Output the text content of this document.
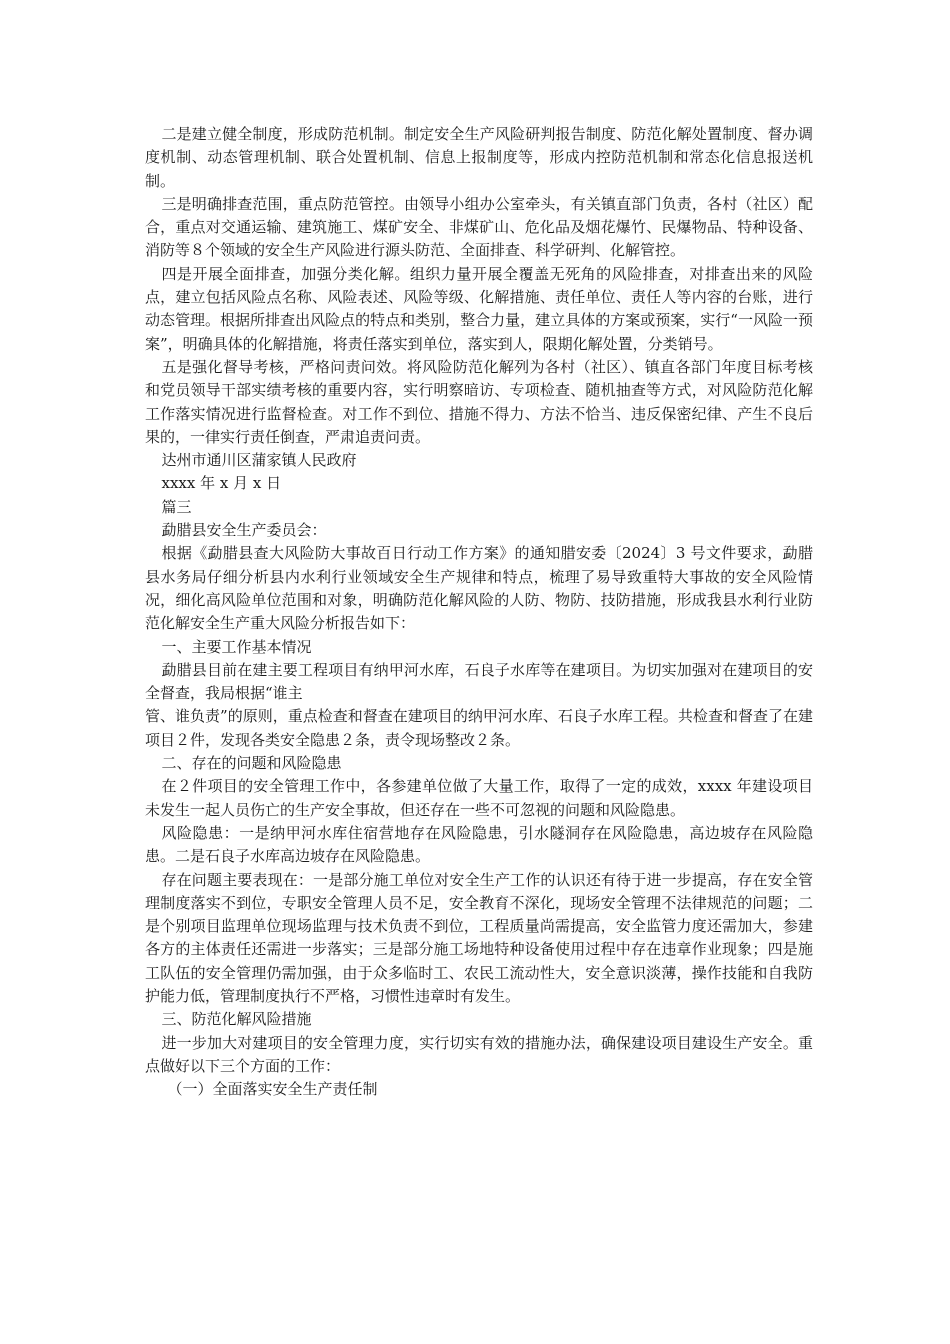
二是建立健全制度，形成防范机制。制定安全生产风险研判报告制度、防范化解处置制度、督办调度机制、动态管理机制、联合处置机制、信息上报制度等，形成内控防范机制和常态化信息报送机制。

三是明确排查范围，重点防范管控。由领导小组办公室牵头，有关镇直部门负责，各村（社区）配合，重点对交通运输、建筑施工、煤矿安全、非煤矿山、危化品及烟花爆竹、民爆物品、特种设备、消防等８个领域的安全生产风险进行源头防范、全面排查、科学研判、化解管控。

四是开展全面排查，加强分类化解。组织力量开展全覆盖无死角的风险排查，对排查出来的风险点，建立包括风险点名称、风险表述、风险等级、化解措施、责任单位、责任人等内容的台账，进行动态管理。根据所排查出风险点的特点和类别，整合力量，建立具体的方案或预案，实行“一风险一预案”，明确具体的化解措施，将责任落实到单位，落实到人，限期化解处置，分类销号。

五是强化督导考核，严格问责问效。将风险防范化解列为各村（社区）、镇直各部门年度目标考核和党员领导干部实绩考核的重要内容，实行明察暗访、专项检查、随机抽查等方式，对风险防范化解工作落实情况进行监督检查。对工作不到位、措施不得力、方法不恰当、违反保密纪律、产生不良后果的，一律实行责任倒查，严肃追责问责。

达州市通川区蒲家镇人民政府

xxxx 年 x 月 x 日

篇三

勐腊县安全生产委员会：

根据《勐腊县查大风险防大事故百日行动工作方案》的通知腊安委〔2024〕3 号文件要求，勐腊县水务局仔细分析县内水利行业领域安全生产规律和特点，梳理了易导致重特大事故的安全风险情况，细化高风险单位范围和对象，明确防范化解风险的人防、物防、技防措施，形成我县水利行业防范化解安全生产重大风险分析报告如下：

一、主要工作基本情况

勐腊县目前在建主要工程项目有纳甲河水库，石良子水库等在建项目。为切实加强对在建项目的安全督查，我局根据“谁主

管、谁负责”的原则，重点检查和督查在建项目的纳甲河水库、石良子水库工程。共检查和督查了在建项目２件，发现各类安全隐患２条，责令现场整改２条。

二、存在的问题和风险隐患

在２件项目的安全管理工作中，各参建单位做了大量工作，取得了一定的成效，xxxx 年建设项目未发生一起人员伤亡的生产安全事故，但还存在一些不可忽视的问题和风险隐患。

风险隐患：一是纳甲河水库住宿营地存在风险隐患，引水隧洞存在风险隐患，高边坡存在风险隐患。二是石良子水库高边坡存在风险隐患。

存在问题主要表现在：一是部分施工单位对安全生产工作的认识还有待于进一步提高，存在安全管理制度落实不到位，专职安全管理人员不足，安全教育不深化，现场安全管理不法律规范的问题；二是个别项目监理单位现场监理与技术负责不到位，工程质量尚需提高，安全监管力度还需加大，参建各方的主体责任还需进一步落实；三是部分施工场地特种设备使用过程中存在违章作业现象；四是施工队伍的安全管理仍需加强，由于众多临时工、农民工流动性大，安全意识淡薄，操作技能和自我防护能力低，管理制度执行不严格，习惯性违章时有发生。

三、防范化解风险措施

进一步加大对建项目的安全管理力度，实行切实有效的措施办法，确保建设项目建设生产安全。重点做好以下三个方面的工作：

（一）全面落实安全生产责任制
